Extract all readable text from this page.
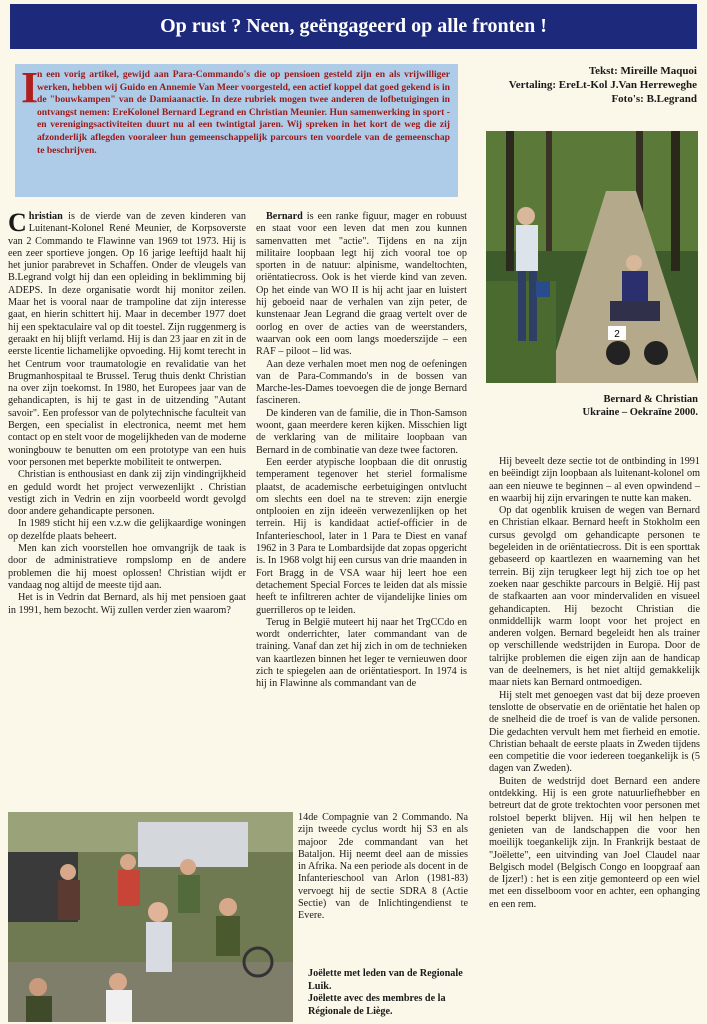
Op rust ? Neen, geëngageerd op alle fronten !
Tekst: Mireille Maquoi
Vertaling: EreLt-Kol J.Van Herreweghe
Foto's: B.Legrand
I
n een vorig artikel, gewijd aan Para-Commando's die op pensioen gesteld zijn en als vrijwilliger werken, hebben wij Guido en Annemie Van Meer voorgesteld, een actief koppel dat goed gekend is in de "bouwkampen" van de Damiaanactie. In deze rubriek mogen twee anderen de lofbetuigingen in ontvangst nemen: ErеKolonel Bernard Legrand en Christian Meunier. Hun samenwerking in sport - en verenigingsactiviteiten duurt nu al een twintigtal jaren. Wij spreken in het kort de weg die zij afzonderlijk aflegden vooraleer hun gemeenschappelijk parcours ten voordele van de gemeenschap te beschrijven.

Christian is de vierde van de zeven kinderen van Luitenant-Kolonel René Meunier, de Korpsoverste van 2 Commando te Flawinne van 1969 tot 1973. Hij is een zeer sportieve jongen. Op 16 jarige leeftijd haalt hij het junior parabrevet in Schaffen. Onder de vleugels van B.Legrand volgt hij dan een opleiding in beklimming bij ADEPS. In deze organisatie wordt hij monitor zeilen. Maar het is vooral naar de trampoline dat zijn interesse gaat, en hierin schittert hij. Maar in december 1977 doet hij een spektaculaire val op dit toestel. Zijn ruggenmerg is geraakt en hij blijft verlamd. Hij is dan 23 jaar en zit in de eerste licentie lichamelijke opvoeding. Hij komt terecht in het Centrum voor traumatologie en revalidatie van het Brugmanhospitaal te Brussel. Terug thuis denkt Christian na over zijn toekomst. In 1980, het Europees jaar van de gehandicapten, is hij te gast in de uitzending "Autant savoir". Een professor van de polytechnische faculteit van Bergen, een specialist in electronica, neemt met hem contact op en stelt voor de mogelijkheden van de moderne woningbouw te benutten om een prototype van een huis voor personen met beperkte mobiliteit te ontwerpen.

Christian is enthousiast en dank zij zijn vindingrijkheid en geduld wordt het project verwezenlijkt . Christian vestigt zich in Vedrin en zijn voorbeeld wordt gevolgd door andere gehandicapte personen.

In 1989 sticht hij een v.z.w die gelijkaardige woningen op dezelfde plaats beheert.

Men kan zich voorstellen hoe omvangrijk de taak is door de administratieve rompslomp en de andere problemen die hij moest oplossen! Christian wijdt er vandaag nog altijd de meeste tijd aan.

Het is in Vedrin dat Bernard, als hij met pensioen gaat in 1991, hem bezocht. Wij zullen verder zien waarom?

Bernard is een ranke figuur, mager en robuust en staat voor een leven dat men zou kunnen samenvatten met "actie". Tijdens en na zijn militaire loopbaan legt hij zich vooral toe op sporten in de natuur: alpinisme, wandeltochten, oriëntatiecross. Ook is het vierde kind van zeven. Op het einde van WO II is hij acht jaar en luistert hij geboeid naar de verhalen van zijn peter, de kunstenaar Jean Legrand die graag vertelt over de oorlog en over de acties van de weerstanders, waarvan ook een oom langs moederszijde – een RAF – piloot – lid was.

Aan deze verhalen moet men nog de oefeningen van de Para-Commando's in de bossen van Marche-les-Dames toevoegen die de jonge Bernard fascineren.

De kinderen van de familie, die in Thon-Samson woont, gaan meerdere keren kijken. Misschien ligt de verklaring van de militaire loopbaan van Bernard in de combinatie van deze twee factoren.

Een eerder atypische loopbaan die dit onrustig temperament tegenover het steriel formalisme plaatst, de academische eerbetuigingen ontvlucht om slechts een doel na te streven: zijn energie ontplooien en zijn ideeën verwezenlijken op het terrein. Hij is kandidaat actief-officier in de Infanterieschool, later in 1 Para te Diest en vanaf 1962 in 3 Para te Lombardsijde dat zopas opgericht is. In 1968 volgt hij een cursus van drie maanden in Fort Bragg in de VSA waar hij leert hoe een detachement Special Forces te leiden dat als missie heeft te infiltreren achter de vijandelijke linies om guerrilleros op te leiden.

Terug in België muteert hij naar het TrgCCdo en wordt onderrichter, later commandant van de training. Vanaf dan zet hij zich in om de technieken van kaartlezen binnen het leger te vernieuwen door zich te spiegelen aan de oriëntatiesport. In 1974 is hij in Flawinne als commandant van de

14de Compagnie van 2 Commando. Na zijn tweede cyclus wordt hij S3 en als majoor 2de commandant van het Bataljon. Hij neemt deel aan de missies in Afrika. Na een periode als docent in de Infanterieschool van Arlon (1981-83) vervoegt hij de sectie SDRA 8 (Actie Sectie) van de Inlichtingendienst te Evere.

Hij beveelt deze sectie tot de ontbinding in 1991 en beëindigt zijn loopbaan als luitenant-kolonel om aan een nieuwe te beginnen – al even opwindend – en waarbij hij zijn ervaringen te nutte kan maken.

Op dat ogenblik kruisen de wegen van Bernard en Christian elkaar. Bernard heeft in Stokholm een cursus gevolgd om gehandicapte personen te begeleiden in de oriëntatiecross. Dit is een sporttak gebaseerd op kaartlezen en waarneming van het terrein. Bij zijn terugkeer legt hij zich toe op het zoeken naar geschikte parcours in België. Hij past de stafkaarten aan voor mindervaliden en visueel gehandicapten. Hij bezocht Christian die onmiddellijk warm loopt voor het project en anderen volgen. Bernard begeleidt hen als trainer op verschillende wedstrijden in Europa. Door de talrijke problemen die eigen zijn aan de handicap van de deelnemers, is het niet altijd gemakkelijk maar niets kan Bernard ontmoedigen.

Hij stelt met genoegen vast dat bij deze proeven tenslotte de observatie en de oriëntatie het halen op de snelheid die de troef is van de valide personen. Die gedachten vervult hem met fierheid en emotie. Christian behaalt de eerste plaats in Zweden tijdens een competitie die voor iedereen toegankelijk is (5 dagen van Zweden).

Buiten de wedstrijd doet Bernard een andere ontdekking. Hij is een grote natuurliefhebber en betreurt dat de grote trektochten voor personen met rolstoel beperkt blijven. Hij wil hen helpen te genieten van de landschappen die voor hen moeilijk toegankelijk zijn. In Frankrijk bestaat de "Joëlette", een uitvinding van Joel Claudel naar Belgisch model (Belgisch Congo en loopgraaf aan de Ijzer!) : het is een zitje gemonteerd op een wiel met een disselboom voor en achter, een ophanging en een rem.

2
Bernard & Christian
Ukraine – Oekraïne 2000.
Joëlette met leden van de Regionale Luik.
Joëlette avec des membres de la Régionale de Liège.
